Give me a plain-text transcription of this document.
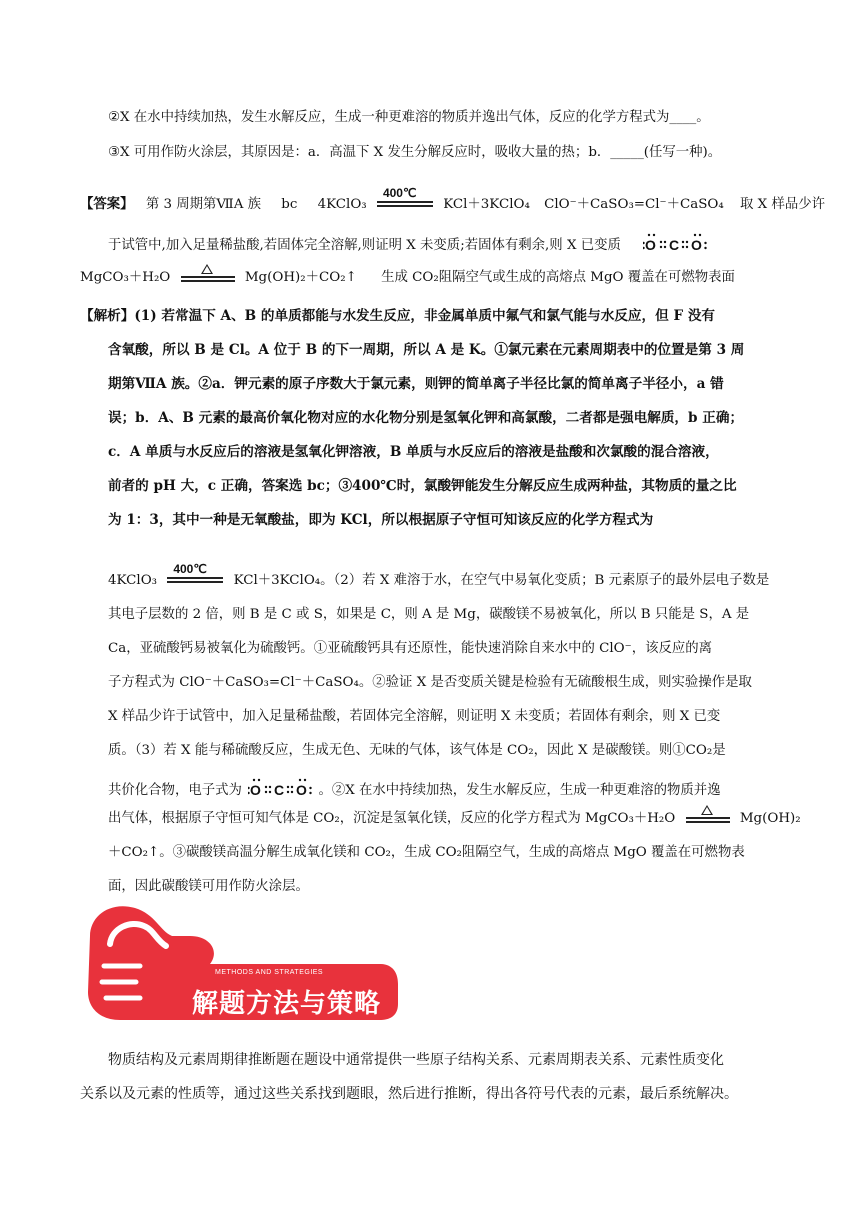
②X 在水中持续加热，发生水解反应，生成一种更难溶的物质并逸出气体，反应的化学方程式为____。
③X 可用作防火涂层，其原因是：a．高温下 X 发生分解反应时，吸收大量的热；b．_____(任写一种)。
【答案】 第 3 周期第ⅦA 族 bc 4KClO₃
400℃
KCl＋3KClO₄ ClO⁻＋CaSO₃=Cl⁻＋CaSO₄ 取 X 样品少许
于试管中,加入足量稀盐酸,若固体完全溶解,则证明 X 未变质;若固体有剩余,则 X 已变质 O C O
MgCO₃＋H₂O	Mg(OH)₂＋CO₂↑ 生成 CO₂阻隔空气或生成的高熔点 MgO 覆盖在可燃物表面
【解析】(1) 若常温下 A、B 的单质都能与水发生反应，非金属单质中氟气和氯气能与水反应，但 F 没有
含氧酸，所以 B 是 Cl。A 位于 B 的下一周期，所以 A 是 K。①氯元素在元素周期表中的位置是第 3 周
期第ⅦA 族。②a．钾元素的原子序数大于氯元素，则钾的简单离子半径比氯的简单离子半径小，a 错
误；b．A、B 元素的最高价氧化物对应的水化物分别是氢氧化钾和高氯酸，二者都是强电解质，b 正确；
c．A 单质与水反应后的溶液是氢氧化钾溶液，B 单质与水反应后的溶液是盐酸和次氯酸的混合溶液，
前者的 pH 大，c 正确，答案选 bc；③400℃时，氯酸钾能发生分解反应生成两种盐，其物质的量之比
为 1：3，其中一种是无氧酸盐，即为 KCl，所以根据原子守恒可知该反应的化学方程式为
4KClO₃
400℃
KCl＋3KClO₄。（2）若 X 难溶于水，在空气中易氧化变质；B 元素原子的最外层电子数是
其电子层数的 2 倍，则 B 是 C 或 S，如果是 C，则 A 是 Mg，碳酸镁不易被氧化，所以 B 只能是 S，A 是
Ca，亚硫酸钙易被氧化为硫酸钙。①亚硫酸钙具有还原性，能快速消除自来水中的 ClO⁻，该反应的离
子方程式为 ClO⁻＋CaSO₃=Cl⁻＋CaSO₄。②验证 X 是否变质关键是检验有无硫酸根生成，则实验操作是取
X 样品少许于试管中，加入足量稀盐酸，若固体完全溶解，则证明 X 未变质；若固体有剩余，则 X 已变
质。（3）若 X 能与稀硫酸反应，生成无色、无味的气体，该气体是 CO₂，因此 X 是碳酸镁。则①CO₂是
共价化合物，电子式为 O C O 。②X 在水中持续加热，发生水解反应，生成一种更难溶的物质并逸
出气体，根据原子守恒可知气体是 CO₂，沉淀是氢氧化镁，反应的化学方程式为 MgCO₃＋H₂O	Mg(OH)₂
＋CO₂↑。③碳酸镁高温分解生成氧化镁和 CO₂，生成 CO₂阻隔空气，生成的高熔点 MgO 覆盖在可燃物表
面，因此碳酸镁可用作防火涂层。
METHODS AND STRATEGIES
解题方法与策略
物质结构及元素周期律推断题在题设中通常提供一些原子结构关系、元素周期表关系、元素性质变化
关系以及元素的性质等，通过这些关系找到题眼，然后进行推断，得出各符号代表的元素，最后系统解决。
